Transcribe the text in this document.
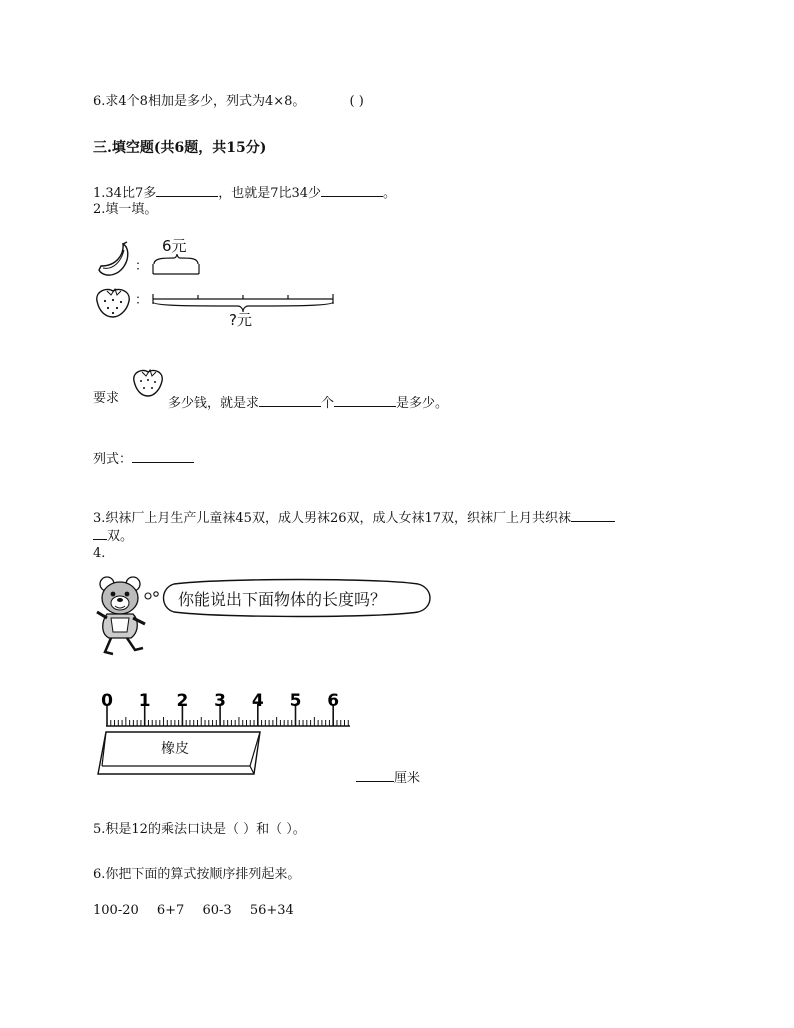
6.求4个8相加是多少，列式为4×8。	( )
三.填空题(共6题，共15分)
1.34比7多	，也就是7比34少	。
2.填一填。
：
6元
：
?元
要求	多少钱，就是求	个	是多少。
列式：
3.织袜厂上月生产儿童袜45双，成人男袜26双，成人女袜17双，织袜厂上月共织袜
双。
4.
你能说出下面物体的长度吗？
0 1 2 3 4 5 6
橡皮
厘米
5.积是12的乘法口诀是（ ）和（ ）。
6.你把下面的算式按顺序排列起来。
100-20 6+7 60-3 56+34
